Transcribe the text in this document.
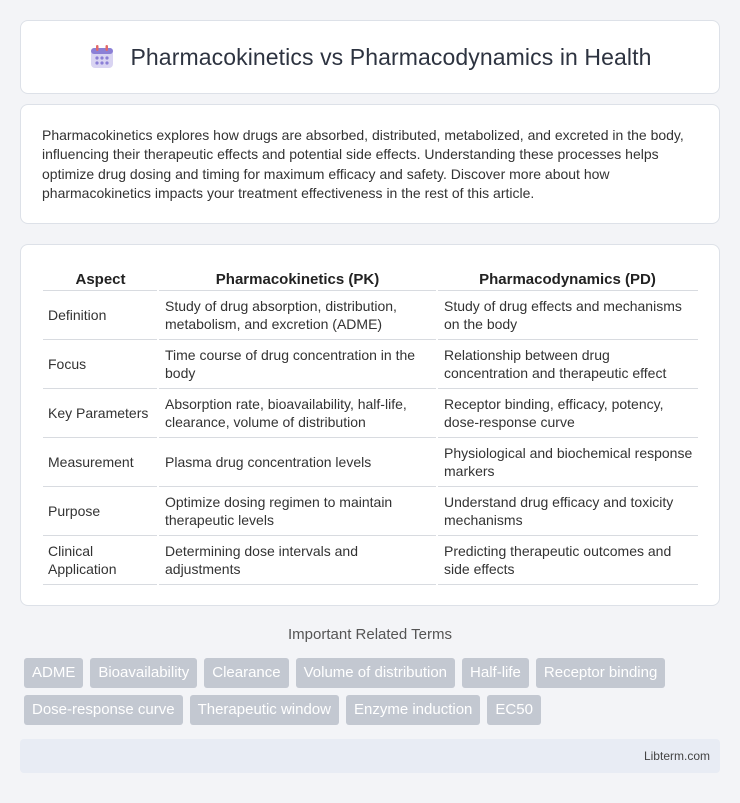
Pharmacokinetics vs Pharmacodynamics in Health

Pharmacokinetics explores how drugs are absorbed, distributed, metabolized, and excreted in the body, influencing their therapeutic effects and potential side effects. Understanding these processes helps optimize drug dosing and timing for maximum efficacy and safety. Discover more about how pharmacokinetics impacts your treatment effectiveness in the rest of this article.

Aspect	Pharmacokinetics (PK)	Pharmacodynamics (PD)
Definition	Study of drug absorption, distribution, metabolism, and excretion (ADME)	Study of drug effects and mechanisms on the body
Focus	Time course of drug concentration in the body	Relationship between drug concentration and therapeutic effect
Key Parameters	Absorption rate, bioavailability, half-life, clearance, volume of distribution	Receptor binding, efficacy, potency, dose-response curve
Measurement	Plasma drug concentration levels	Physiological and biochemical response markers
Purpose	Optimize dosing regimen to maintain therapeutic levels	Understand drug efficacy and toxicity mechanisms
Clinical Application	Determining dose intervals and adjustments	Predicting therapeutic outcomes and side effects
Important Related Terms
ADME	Bioavailability	Clearance	Volume of distribution	Half-life	Receptor binding
Dose-response curve	Therapeutic window	Enzyme induction	EC50
Libterm.com
